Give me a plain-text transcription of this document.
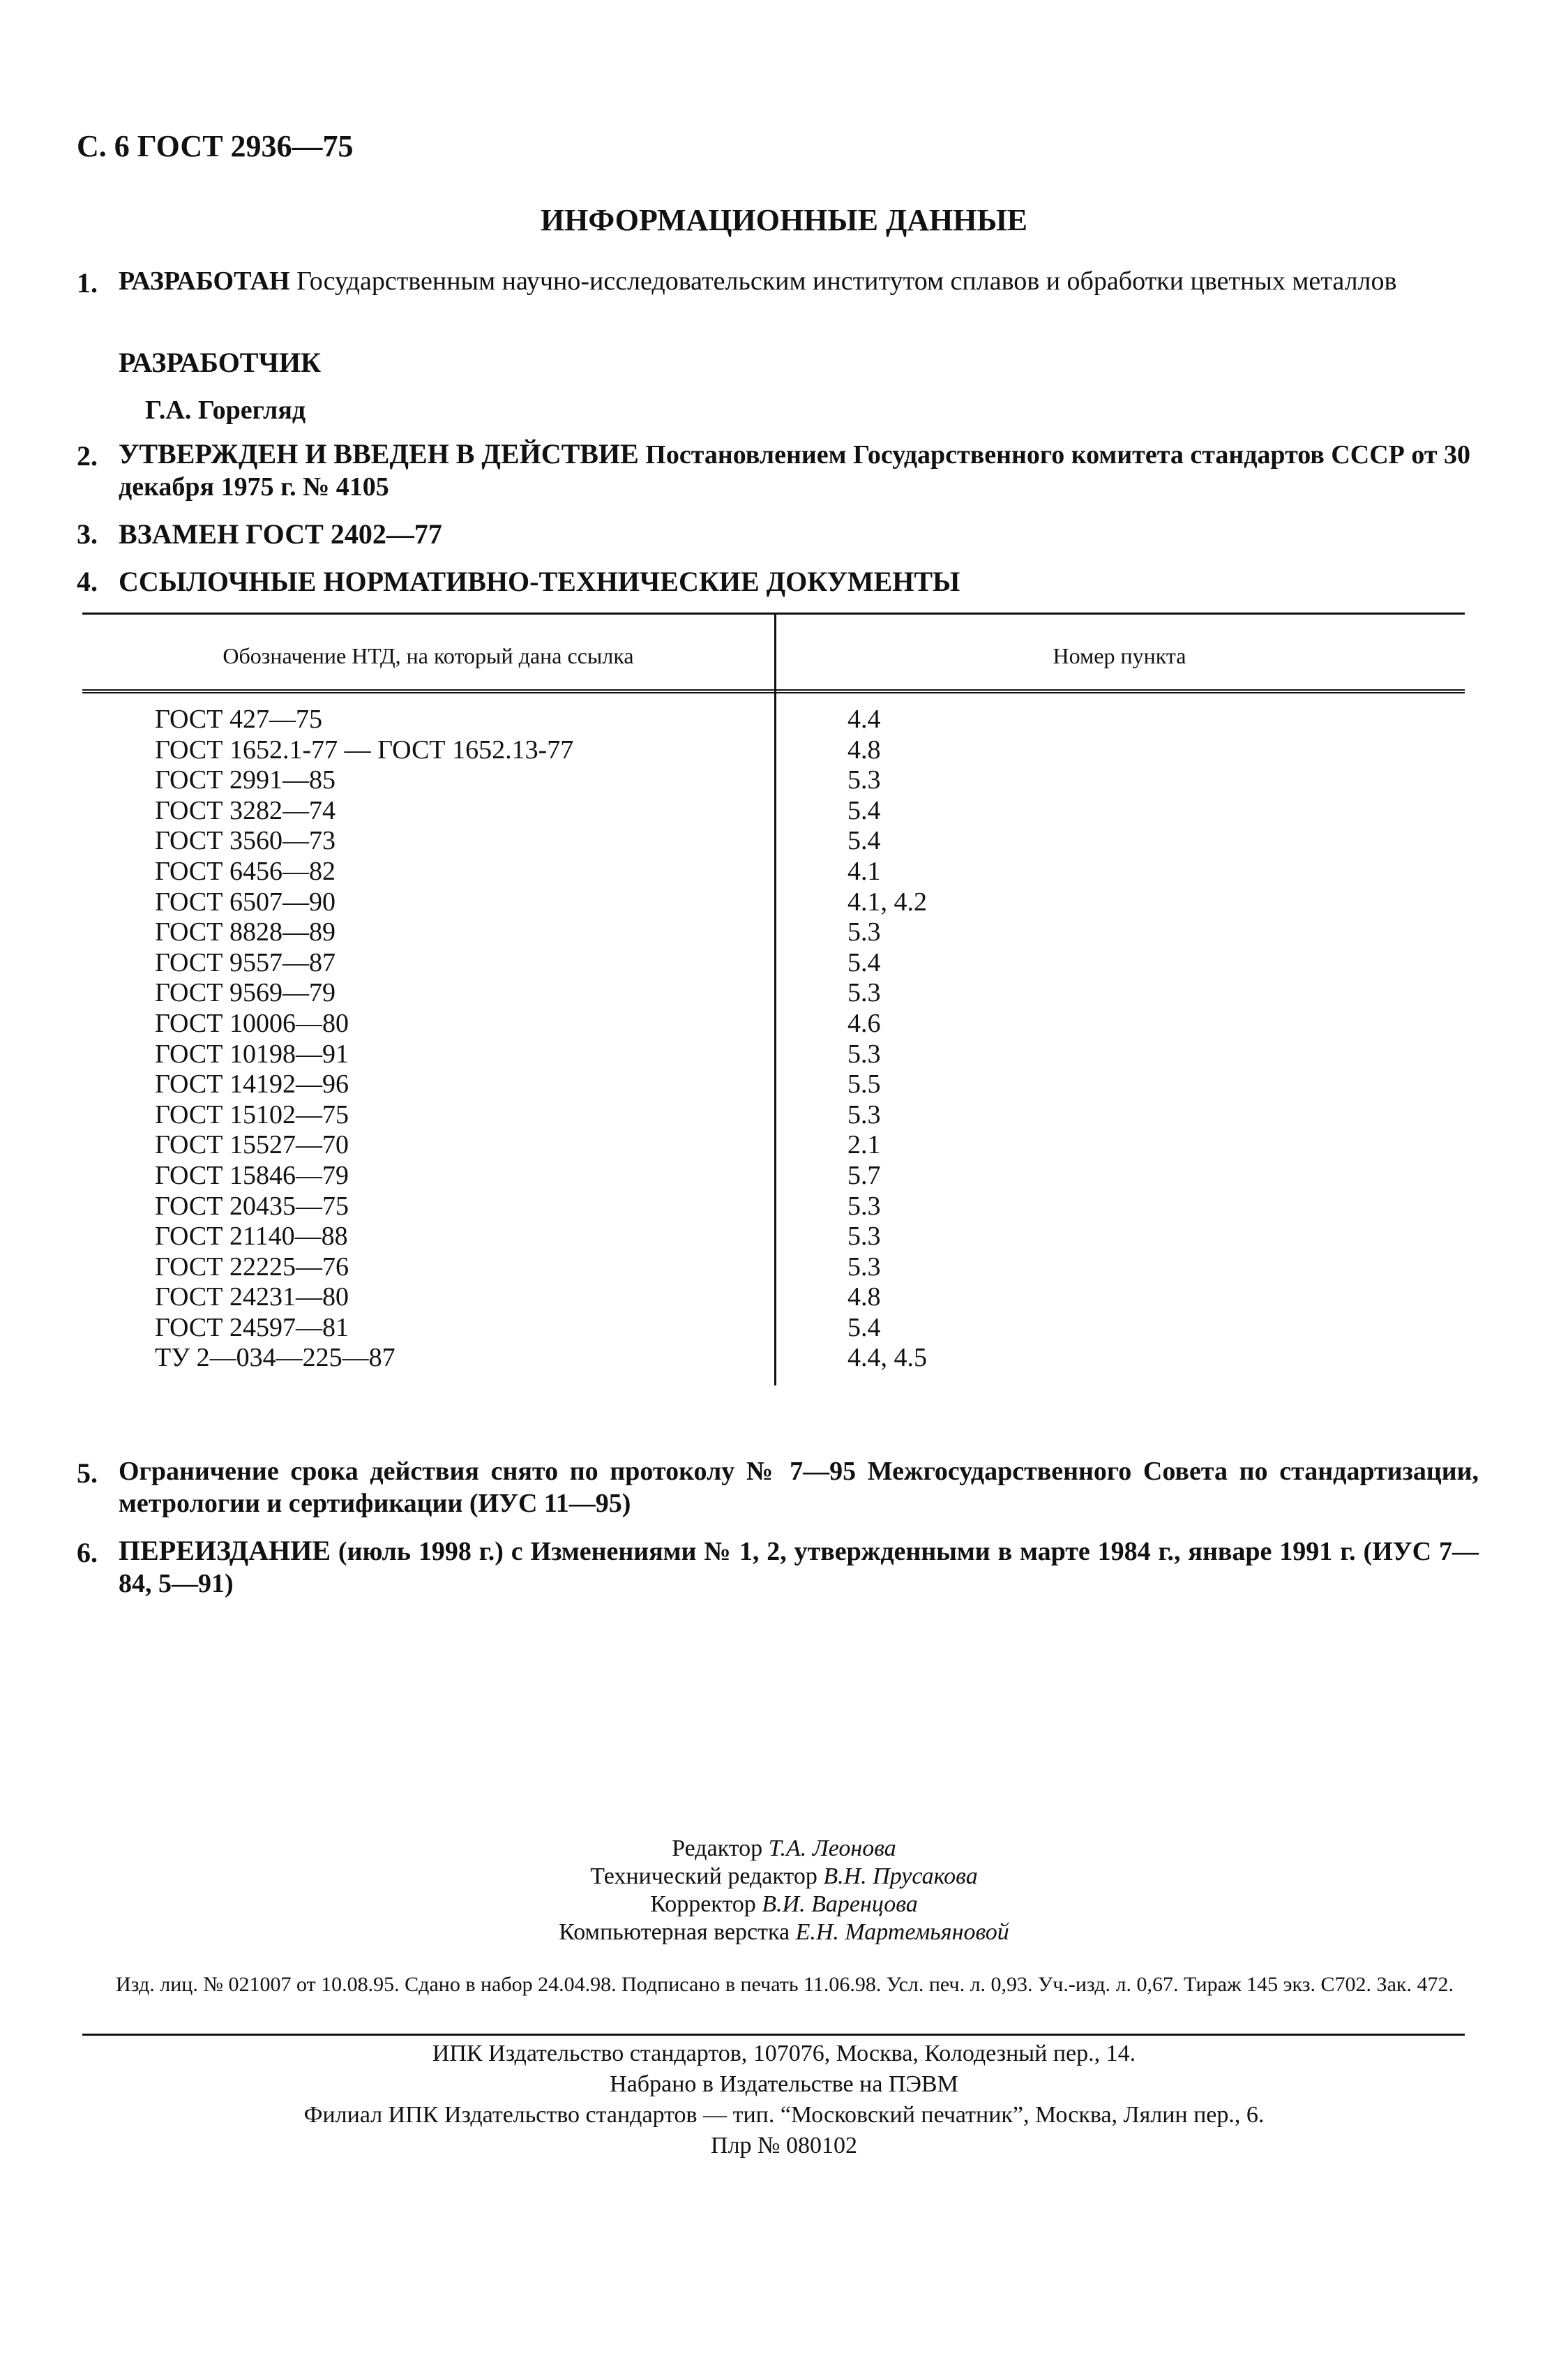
С. 6 ГОСТ 2936—75
ИНФОРМАЦИОННЫЕ ДАННЫЕ
1. РАЗРАБОТАН Государственным научно-исследовательским институтом сплавов и обработки цветных металлов
РАЗРАБОТЧИК
Г.А. Горегляд
2. УТВЕРЖДЕН И ВВЕДЕН В ДЕЙСТВИЕ Постановлением Государственного комитета стандартов СССР от 30 декабря 1975 г. № 4105
3. ВЗАМЕН ГОСТ 2402—77
4. ССЫЛОЧНЫЕ НОРМАТИВНО-ТЕХНИЧЕСКИЕ ДОКУМЕНТЫ
Обозначение НТД, на который дана ссылка	Номер пункта
ГОСТ 427—75
ГОСТ 1652.1-77 — ГОСТ 1652.13-77
ГОСТ 2991—85
ГОСТ 3282—74
ГОСТ 3560—73
ГОСТ 6456—82
ГОСТ 6507—90
ГОСТ 8828—89
ГОСТ 9557—87
ГОСТ 9569—79
ГОСТ 10006—80
ГОСТ 10198—91
ГОСТ 14192—96
ГОСТ 15102—75
ГОСТ 15527—70
ГОСТ 15846—79
ГОСТ 20435—75
ГОСТ 21140—88
ГОСТ 22225—76
ГОСТ 24231—80
ГОСТ 24597—81
ТУ 2—034—225—87
4.4
4.8
5.3
5.4
5.4
4.1
4.1, 4.2
5.3
5.4
5.3
4.6
5.3
5.5
5.3
2.1
5.7
5.3
5.3
5.3
4.8
5.4
4.4, 4.5
5. Ограничение срока действия снято по протоколу № 7—95 Межгосударственного Совета по стандартизации, метрологии и сертификации (ИУС 11—95)
6. ПЕРЕИЗДАНИЕ (июль 1998 г.) с Изменениями № 1, 2, утвержденными в марте 1984 г., январе 1991 г. (ИУС 7—84, 5—91)
Редактор Т.А. Леонова
Технический редактор В.Н. Прусакова
Корректор В.И. Варенцова
Компьютерная верстка Е.Н. Мартемьяновой
Изд. лиц. № 021007 от 10.08.95. Сдано в набор 24.04.98. Подписано в печать 11.06.98. Усл. печ. л. 0,93. Уч.-изд. л. 0,67. Тираж 145 экз. С702. Зак. 472.
ИПК Издательство стандартов, 107076, Москва, Колодезный пер., 14.
Набрано в Издательстве на ПЭВМ
Филиал ИПК Издательство стандартов — тип. “Московский печатник”, Москва, Лялин пер., 6.
Плр № 080102
